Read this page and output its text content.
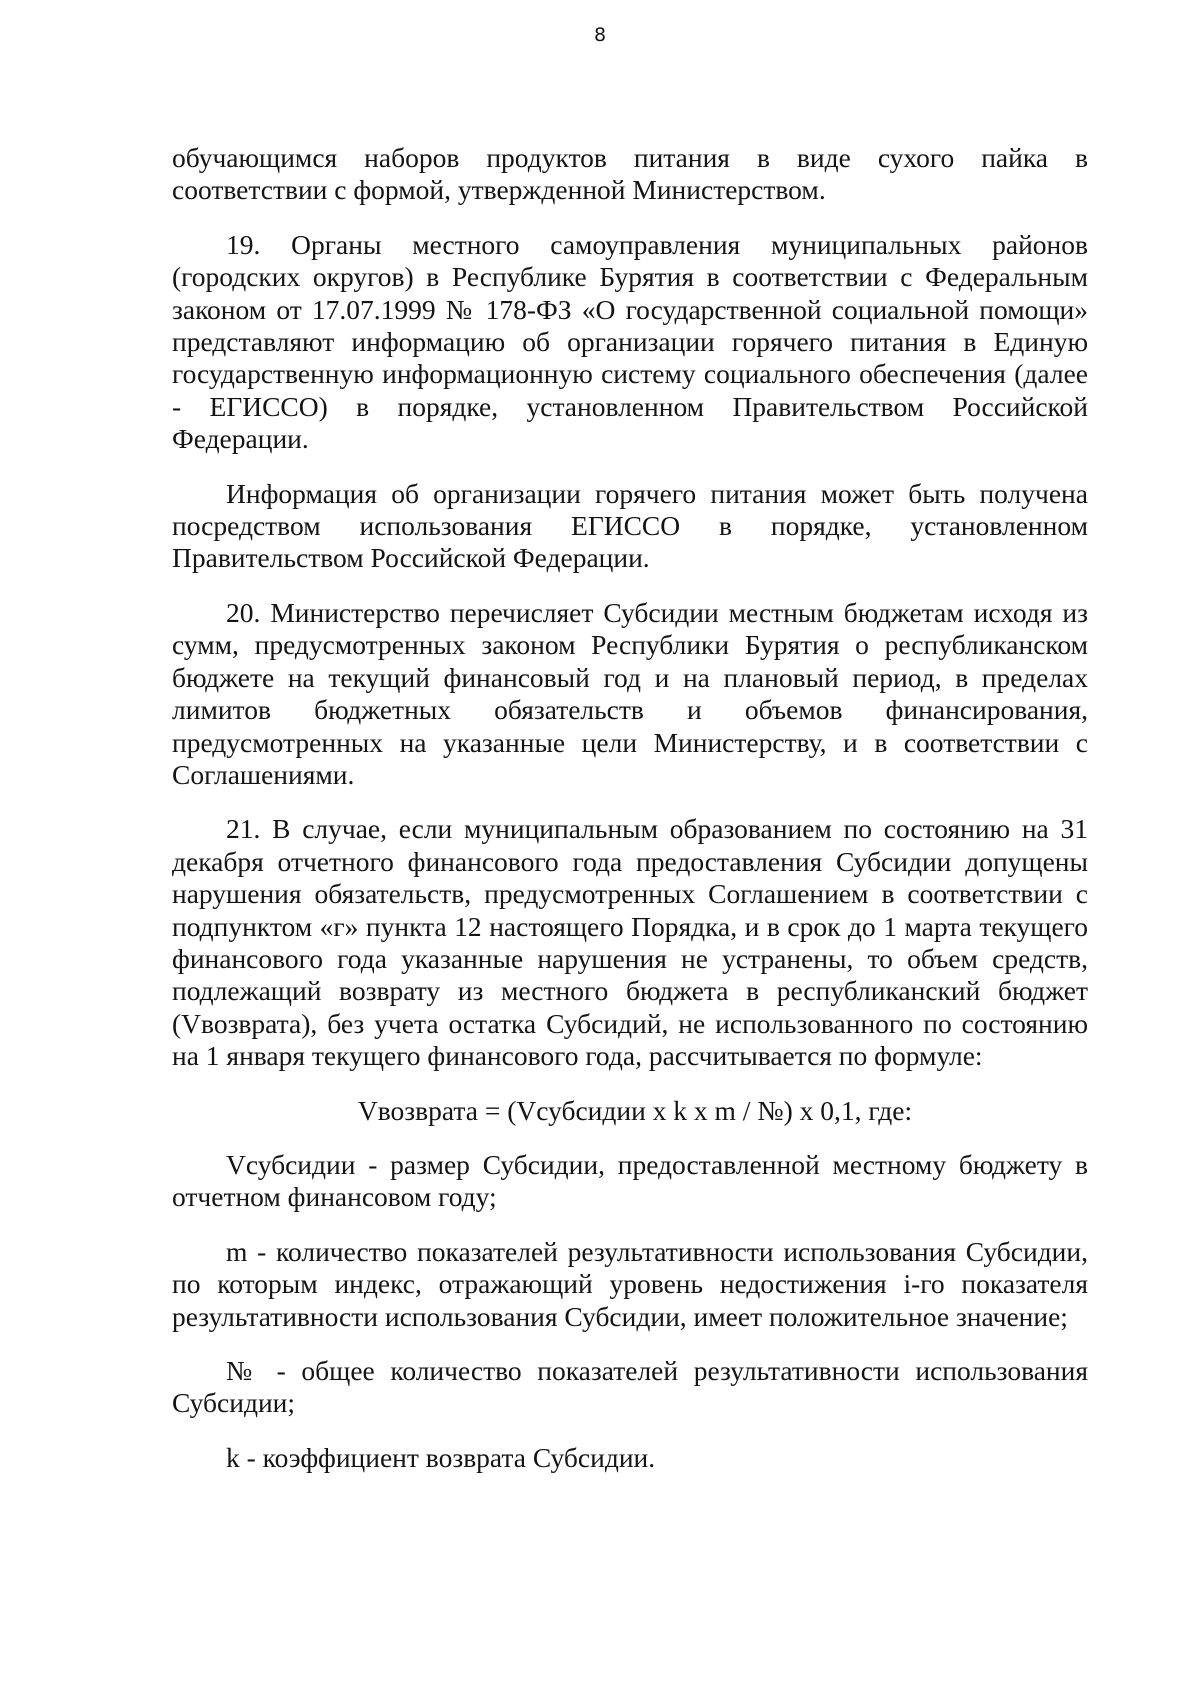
8

обучающимся наборов продуктов питания в виде сухого пайка в соответствии с формой, утвержденной Министерством.

19. Органы местного самоуправления муниципальных районов (городских округов) в Республике Бурятия в соответствии с Федеральным законом от 17.07.1999 № 178-ФЗ «О государственной социальной помощи» представляют информацию об организации горячего питания в Единую государственную информационную систему социального обеспечения (далее - ЕГИССО) в порядке, установленном Правительством Российской Федерации.

Информация об организации горячего питания может быть получена посредством использования ЕГИССО в порядке, установленном Правительством Российской Федерации.

20. Министерство перечисляет Субсидии местным бюджетам исходя из сумм, предусмотренных законом Республики Бурятия о республиканском бюджете на текущий финансовый год и на плановый период, в пределах лимитов бюджетных обязательств и объемов финансирования, предусмотренных на указанные цели Министерству, и в соответствии с Соглашениями.

21. В случае, если муниципальным образованием по состоянию на 31 декабря отчетного финансового года предоставления Субсидии допущены нарушения обязательств, предусмотренных Соглашением в соответствии с подпунктом «г» пункта 12 настоящего Порядка, и в срок до 1 марта текущего финансового года указанные нарушения не устранены, то объем средств, подлежащий возврату из местного бюджета в республиканский бюджет (Vвозврата), без учета остатка Субсидий, не использованного по состоянию на 1 января текущего финансового года, рассчитывается по формуле:

Vвозврата = (Vсубсидии x k x m / №) x 0,1, где:

Vсубсидии - размер Субсидии, предоставленной местному бюджету в отчетном финансовом году;

m - количество показателей результативности использования Субсидии, по которым индекс, отражающий уровень недостижения i-го показателя результативности использования Субсидии, имеет положительное значение;

№ - общее количество показателей результативности использования Субсидии;

k - коэффициент возврата Субсидии.
